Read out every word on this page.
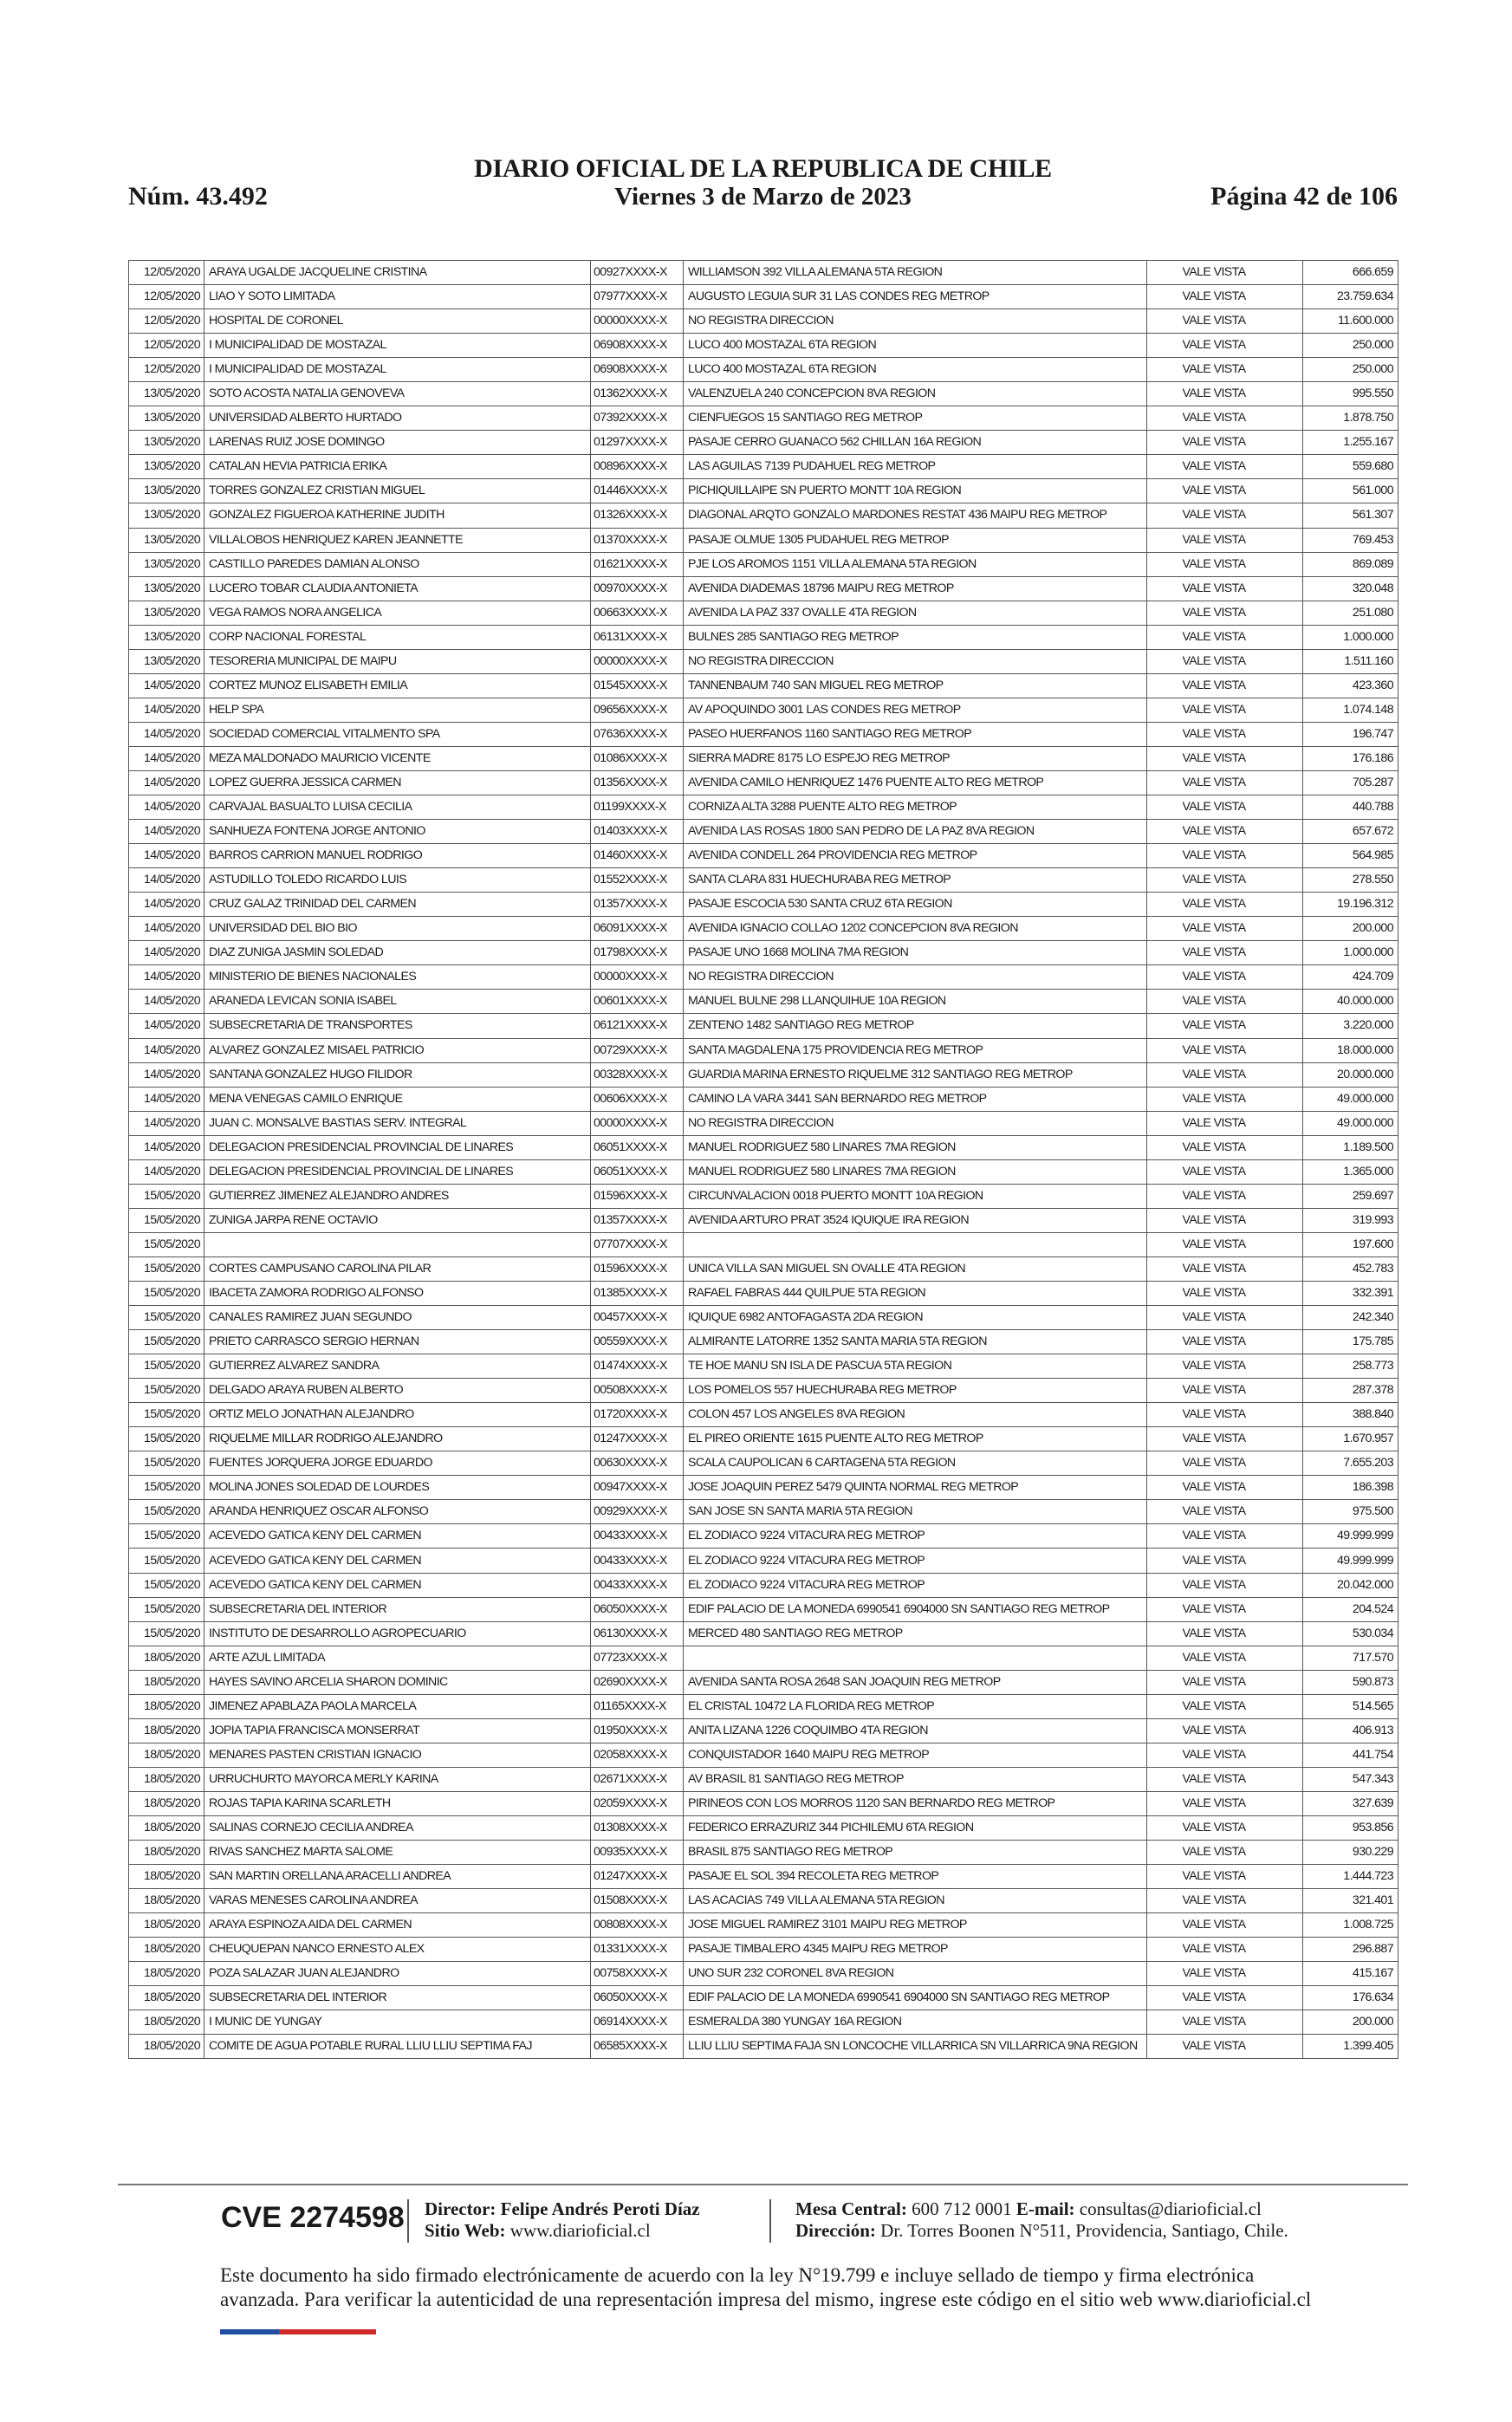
Núm. 43.492
DIARIO OFICIAL DE LA REPUBLICA DE CHILE
Viernes 3 de Marzo de 2023	Página 42 de 106
12/05/2020	ARAYA UGALDE JACQUELINE CRISTINA	00927XXXX-X	WILLIAMSON 392 VILLA ALEMANA 5TA REGION	VALE VISTA	666.659
12/05/2020	LIAO Y SOTO LIMITADA	07977XXXX-X	AUGUSTO LEGUIA SUR 31 LAS CONDES REG METROP	VALE VISTA	23.759.634
12/05/2020	HOSPITAL DE CORONEL	00000XXXX-X	NO REGISTRA DIRECCION	VALE VISTA	11.600.000
12/05/2020	I MUNICIPALIDAD DE MOSTAZAL	06908XXXX-X	LUCO 400 MOSTAZAL 6TA REGION	VALE VISTA	250.000
12/05/2020	I MUNICIPALIDAD DE MOSTAZAL	06908XXXX-X	LUCO 400 MOSTAZAL 6TA REGION	VALE VISTA	250.000
13/05/2020	SOTO ACOSTA NATALIA GENOVEVA	01362XXXX-X	VALENZUELA 240 CONCEPCION 8VA REGION	VALE VISTA	995.550
13/05/2020	UNIVERSIDAD ALBERTO HURTADO	07392XXXX-X	CIENFUEGOS 15 SANTIAGO REG METROP	VALE VISTA	1.878.750
13/05/2020	LARENAS RUIZ JOSE DOMINGO	01297XXXX-X	PASAJE CERRO GUANACO 562 CHILLAN 16A REGION	VALE VISTA	1.255.167
13/05/2020	CATALAN HEVIA PATRICIA ERIKA	00896XXXX-X	LAS AGUILAS 7139 PUDAHUEL REG METROP	VALE VISTA	559.680
13/05/2020	TORRES GONZALEZ CRISTIAN MIGUEL	01446XXXX-X	PICHIQUILLAIPE SN PUERTO MONTT 10A REGION	VALE VISTA	561.000
13/05/2020	GONZALEZ FIGUEROA KATHERINE JUDITH	01326XXXX-X	DIAGONAL ARQTO GONZALO MARDONES RESTAT 436 MAIPU REG METROP	VALE VISTA	561.307
13/05/2020	VILLALOBOS HENRIQUEZ KAREN JEANNETTE	01370XXXX-X	PASAJE OLMUE 1305 PUDAHUEL REG METROP	VALE VISTA	769.453
13/05/2020	CASTILLO PAREDES DAMIAN ALONSO	01621XXXX-X	PJE LOS AROMOS 1151 VILLA ALEMANA 5TA REGION	VALE VISTA	869.089
13/05/2020	LUCERO TOBAR CLAUDIA ANTONIETA	00970XXXX-X	AVENIDA DIADEMAS 18796 MAIPU REG METROP	VALE VISTA	320.048
13/05/2020	VEGA RAMOS NORA ANGELICA	00663XXXX-X	AVENIDA LA PAZ 337 OVALLE 4TA REGION	VALE VISTA	251.080
13/05/2020	CORP NACIONAL FORESTAL	06131XXXX-X	BULNES 285 SANTIAGO REG METROP	VALE VISTA	1.000.000
13/05/2020	TESORERIA MUNICIPAL DE MAIPU	00000XXXX-X	NO REGISTRA DIRECCION	VALE VISTA	1.511.160
14/05/2020	CORTEZ MUNOZ ELISABETH EMILIA	01545XXXX-X	TANNENBAUM 740 SAN MIGUEL REG METROP	VALE VISTA	423.360
14/05/2020	HELP SPA	09656XXXX-X	AV APOQUINDO 3001 LAS CONDES REG METROP	VALE VISTA	1.074.148
14/05/2020	SOCIEDAD COMERCIAL VITALMENTO SPA	07636XXXX-X	PASEO HUERFANOS 1160 SANTIAGO REG METROP	VALE VISTA	196.747
14/05/2020	MEZA MALDONADO MAURICIO VICENTE	01086XXXX-X	SIERRA MADRE 8175 LO ESPEJO REG METROP	VALE VISTA	176.186
14/05/2020	LOPEZ GUERRA JESSICA CARMEN	01356XXXX-X	AVENIDA CAMILO HENRIQUEZ 1476 PUENTE ALTO REG METROP	VALE VISTA	705.287
14/05/2020	CARVAJAL BASUALTO LUISA CECILIA	01199XXXX-X	CORNIZA ALTA 3288 PUENTE ALTO REG METROP	VALE VISTA	440.788
14/05/2020	SANHUEZA FONTENA JORGE ANTONIO	01403XXXX-X	AVENIDA LAS ROSAS 1800 SAN PEDRO DE LA PAZ 8VA REGION	VALE VISTA	657.672
14/05/2020	BARROS CARRION MANUEL RODRIGO	01460XXXX-X	AVENIDA CONDELL 264 PROVIDENCIA REG METROP	VALE VISTA	564.985
14/05/2020	ASTUDILLO TOLEDO RICARDO LUIS	01552XXXX-X	SANTA CLARA 831 HUECHURABA REG METROP	VALE VISTA	278.550
14/05/2020	CRUZ GALAZ TRINIDAD DEL CARMEN	01357XXXX-X	PASAJE ESCOCIA 530 SANTA CRUZ 6TA REGION	VALE VISTA	19.196.312
14/05/2020	UNIVERSIDAD DEL BIO BIO	06091XXXX-X	AVENIDA IGNACIO COLLAO 1202 CONCEPCION 8VA REGION	VALE VISTA	200.000
14/05/2020	DIAZ ZUNIGA JASMIN SOLEDAD	01798XXXX-X	PASAJE UNO 1668 MOLINA 7MA REGION	VALE VISTA	1.000.000
14/05/2020	MINISTERIO DE BIENES NACIONALES	00000XXXX-X	NO REGISTRA DIRECCION	VALE VISTA	424.709
14/05/2020	ARANEDA LEVICAN SONIA ISABEL	00601XXXX-X	MANUEL BULNE 298 LLANQUIHUE 10A REGION	VALE VISTA	40.000.000
14/05/2020	SUBSECRETARIA DE TRANSPORTES	06121XXXX-X	ZENTENO 1482 SANTIAGO REG METROP	VALE VISTA	3.220.000
14/05/2020	ALVAREZ GONZALEZ MISAEL PATRICIO	00729XXXX-X	SANTA MAGDALENA 175 PROVIDENCIA REG METROP	VALE VISTA	18.000.000
14/05/2020	SANTANA GONZALEZ HUGO FILIDOR	00328XXXX-X	GUARDIA MARINA ERNESTO RIQUELME 312 SANTIAGO REG METROP	VALE VISTA	20.000.000
14/05/2020	MENA VENEGAS CAMILO ENRIQUE	00606XXXX-X	CAMINO LA VARA 3441 SAN BERNARDO REG METROP	VALE VISTA	49.000.000
14/05/2020	JUAN C. MONSALVE BASTIAS SERV. INTEGRAL	00000XXXX-X	NO REGISTRA DIRECCION	VALE VISTA	49.000.000
14/05/2020	DELEGACION PRESIDENCIAL PROVINCIAL DE LINARES	06051XXXX-X	MANUEL RODRIGUEZ 580 LINARES 7MA REGION	VALE VISTA	1.189.500
14/05/2020	DELEGACION PRESIDENCIAL PROVINCIAL DE LINARES	06051XXXX-X	MANUEL RODRIGUEZ 580 LINARES 7MA REGION	VALE VISTA	1.365.000
15/05/2020	GUTIERREZ JIMENEZ ALEJANDRO ANDRES	01596XXXX-X	CIRCUNVALACION 0018 PUERTO MONTT 10A REGION	VALE VISTA	259.697
15/05/2020	ZUNIGA JARPA RENE OCTAVIO	01357XXXX-X	AVENIDA ARTURO PRAT 3524 IQUIQUE IRA REGION	VALE VISTA	319.993
15/05/2020		07707XXXX-X		VALE VISTA	197.600
15/05/2020	CORTES CAMPUSANO CAROLINA PILAR	01596XXXX-X	UNICA VILLA SAN MIGUEL SN OVALLE 4TA REGION	VALE VISTA	452.783
15/05/2020	IBACETA ZAMORA RODRIGO ALFONSO	01385XXXX-X	RAFAEL FABRAS 444 QUILPUE 5TA REGION	VALE VISTA	332.391
15/05/2020	CANALES RAMIREZ JUAN SEGUNDO	00457XXXX-X	IQUIQUE 6982 ANTOFAGASTA 2DA REGION	VALE VISTA	242.340
15/05/2020	PRIETO CARRASCO SERGIO HERNAN	00559XXXX-X	ALMIRANTE LATORRE 1352 SANTA MARIA 5TA REGION	VALE VISTA	175.785
15/05/2020	GUTIERREZ ALVAREZ SANDRA	01474XXXX-X	TE HOE MANU SN ISLA DE PASCUA 5TA REGION	VALE VISTA	258.773
15/05/2020	DELGADO ARAYA RUBEN ALBERTO	00508XXXX-X	LOS POMELOS 557 HUECHURABA REG METROP	VALE VISTA	287.378
15/05/2020	ORTIZ MELO JONATHAN ALEJANDRO	01720XXXX-X	COLON 457 LOS ANGELES 8VA REGION	VALE VISTA	388.840
15/05/2020	RIQUELME MILLAR RODRIGO ALEJANDRO	01247XXXX-X	EL PIREO ORIENTE 1615 PUENTE ALTO REG METROP	VALE VISTA	1.670.957
15/05/2020	FUENTES JORQUERA JORGE EDUARDO	00630XXXX-X	SCALA CAUPOLICAN 6 CARTAGENA 5TA REGION	VALE VISTA	7.655.203
15/05/2020	MOLINA JONES SOLEDAD DE LOURDES	00947XXXX-X	JOSE JOAQUIN PEREZ 5479 QUINTA NORMAL REG METROP	VALE VISTA	186.398
15/05/2020	ARANDA HENRIQUEZ OSCAR ALFONSO	00929XXXX-X	SAN JOSE SN SANTA MARIA 5TA REGION	VALE VISTA	975.500
15/05/2020	ACEVEDO GATICA KENY DEL CARMEN	00433XXXX-X	EL ZODIACO 9224 VITACURA REG METROP	VALE VISTA	49.999.999
15/05/2020	ACEVEDO GATICA KENY DEL CARMEN	00433XXXX-X	EL ZODIACO 9224 VITACURA REG METROP	VALE VISTA	49.999.999
15/05/2020	ACEVEDO GATICA KENY DEL CARMEN	00433XXXX-X	EL ZODIACO 9224 VITACURA REG METROP	VALE VISTA	20.042.000
15/05/2020	SUBSECRETARIA DEL INTERIOR	06050XXXX-X	EDIF PALACIO DE LA MONEDA 6990541 6904000 SN SANTIAGO REG METROP	VALE VISTA	204.524
15/05/2020	INSTITUTO DE DESARROLLO AGROPECUARIO	06130XXXX-X	MERCED 480 SANTIAGO REG METROP	VALE VISTA	530.034
18/05/2020	ARTE AZUL LIMITADA	07723XXXX-X		VALE VISTA	717.570
18/05/2020	HAYES SAVINO ARCELIA SHARON DOMINIC	02690XXXX-X	AVENIDA SANTA ROSA 2648 SAN JOAQUIN REG METROP	VALE VISTA	590.873
18/05/2020	JIMENEZ APABLAZA PAOLA MARCELA	01165XXXX-X	EL CRISTAL 10472 LA FLORIDA REG METROP	VALE VISTA	514.565
18/05/2020	JOPIA TAPIA FRANCISCA MONSERRAT	01950XXXX-X	ANITA LIZANA 1226 COQUIMBO 4TA REGION	VALE VISTA	406.913
18/05/2020	MENARES PASTEN CRISTIAN IGNACIO	02058XXXX-X	CONQUISTADOR 1640 MAIPU REG METROP	VALE VISTA	441.754
18/05/2020	URRUCHURTO MAYORCA MERLY KARINA	02671XXXX-X	AV BRASIL 81 SANTIAGO REG METROP	VALE VISTA	547.343
18/05/2020	ROJAS TAPIA KARINA SCARLETH	02059XXXX-X	PIRINEOS CON LOS MORROS 1120 SAN BERNARDO REG METROP	VALE VISTA	327.639
18/05/2020	SALINAS CORNEJO CECILIA ANDREA	01308XXXX-X	FEDERICO ERRAZURIZ 344 PICHILEMU 6TA REGION	VALE VISTA	953.856
18/05/2020	RIVAS SANCHEZ MARTA SALOME	00935XXXX-X	BRASIL 875 SANTIAGO REG METROP	VALE VISTA	930.229
18/05/2020	SAN MARTIN ORELLANA ARACELLI ANDREA	01247XXXX-X	PASAJE EL SOL 394 RECOLETA REG METROP	VALE VISTA	1.444.723
18/05/2020	VARAS MENESES CAROLINA ANDREA	01508XXXX-X	LAS ACACIAS 749 VILLA ALEMANA 5TA REGION	VALE VISTA	321.401
18/05/2020	ARAYA ESPINOZA AIDA DEL CARMEN	00808XXXX-X	JOSE MIGUEL RAMIREZ 3101 MAIPU REG METROP	VALE VISTA	1.008.725
18/05/2020	CHEUQUEPAN NANCO ERNESTO ALEX	01331XXXX-X	PASAJE TIMBALERO 4345 MAIPU REG METROP	VALE VISTA	296.887
18/05/2020	POZA SALAZAR JUAN ALEJANDRO	00758XXXX-X	UNO SUR 232 CORONEL 8VA REGION	VALE VISTA	415.167
18/05/2020	SUBSECRETARIA DEL INTERIOR	06050XXXX-X	EDIF PALACIO DE LA MONEDA 6990541 6904000 SN SANTIAGO REG METROP	VALE VISTA	176.634
18/05/2020	I MUNIC DE YUNGAY	06914XXXX-X	ESMERALDA 380 YUNGAY 16A REGION	VALE VISTA	200.000
18/05/2020	COMITE DE AGUA POTABLE RURAL LLIU LLIU SEPTIMA FAJ	06585XXXX-X	LLIU LLIU SEPTIMA FAJA SN LONCOCHE VILLARRICA SN VILLARRICA 9NA REGION	VALE VISTA	1.399.405
CVE 2274598 Director: Felipe Andrés Peroti Díaz
Sitio Web: www.diarioficial.cl
Mesa Central: 600 712 0001 E-mail: consultas@diarioficial.cl
Dirección: Dr. Torres Boonen N°511, Providencia, Santiago, Chile.
Este documento ha sido firmado electrónicamente de acuerdo con la ley N°19.799 e incluye sellado de tiempo y firma electrónica avanzada. Para verificar la autenticidad de una representación impresa del mismo, ingrese este código en el sitio web www.diarioficial.cl
